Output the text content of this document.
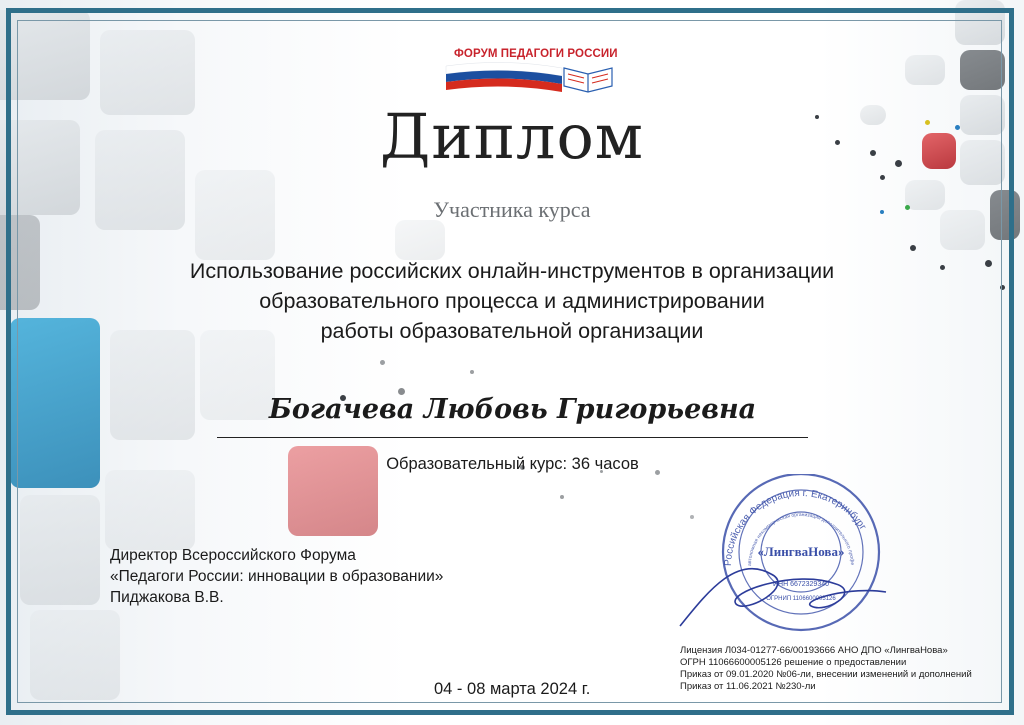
ФОРУМ ПЕДАГОГИ РОССИИ
Диплом
Участника курса
Использование российских онлайн-инструментов в организации
образовательного процесса и администрировании
работы образовательной организации
Богачева Любовь Григорьевна
Образовательный курс: 36 часов
Директор Всероссийского Форума
«Педагоги России: инновации в образовании»
Пиджакова В.В.
Российская Федерация г. Екатеринбург
автономная некоммерческая организация дополнительного профе
«ЛингваНова»
ИНН 6672329340
ОГРНИП 1106600005126
Лицензия Л034-01277-66/00193666 АНО ДПО «ЛингваНова»
ОГРН 11066600005126 решение о предоставлении
Приказ от 09.01.2020 №06-ли, внесении изменений и дополнений
Приказ от 11.06.2021 №230-ли
04 - 08 марта 2024 г.
